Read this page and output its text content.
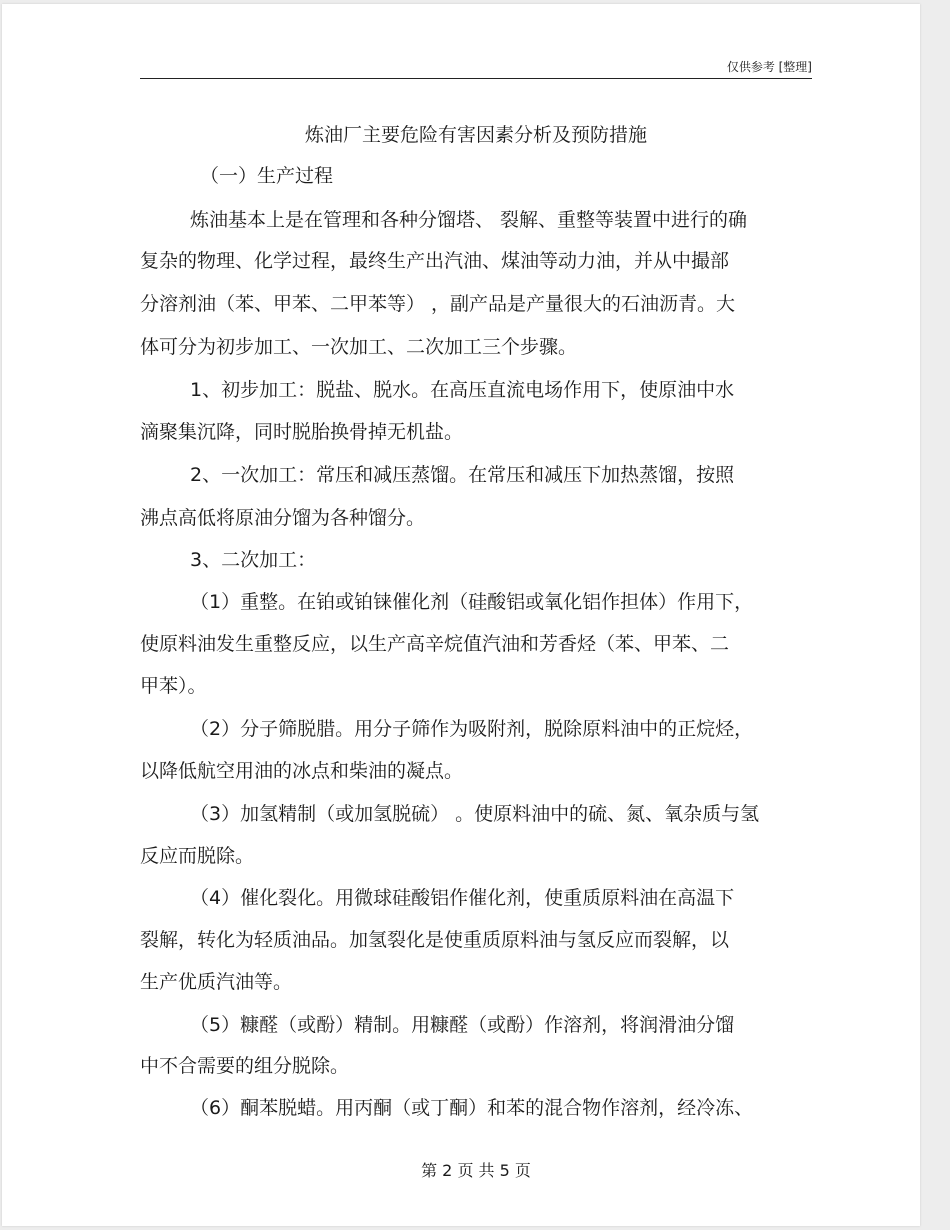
仅供参考 [整理]
炼油厂主要危险有害因素分析及预防措施
（一）生产过程
炼油基本上是在管理和各种分馏塔、 裂解、重整等装置中进行的确
复杂的物理、化学过程，最终生产出汽油、煤油等动力油，并从中撮部
分溶剂油（苯、甲苯、二甲苯等） ，副产品是产量很大的石油沥青。大
体可分为初步加工、一次加工、二次加工三个步骤。
1、初步加工：脱盐、脱水。在高压直流电场作用下，使原油中水
滴聚集沉降，同时脱胎换骨掉无机盐。
2、一次加工：常压和减压蒸馏。在常压和减压下加热蒸馏，按照
沸点高低将原油分馏为各种馏分。
3、二次加工：
（1）重整。在铂或铂铼催化剂（硅酸铝或氧化铝作担体）作用下，
使原料油发生重整反应，以生产高辛烷值汽油和芳香烃（苯、甲苯、二
甲苯）。
（2）分子筛脱腊。用分子筛作为吸附剂，脱除原料油中的正烷烃，
以降低航空用油的冰点和柴油的凝点。
（3）加氢精制（或加氢脱硫） 。使原料油中的硫、氮、氧杂质与氢
反应而脱除。
（4）催化裂化。用微球硅酸铝作催化剂，使重质原料油在高温下
裂解，转化为轻质油品。加氢裂化是使重质原料油与氢反应而裂解，以
生产优质汽油等。
（5）糠醛（或酚）精制。用糠醛（或酚）作溶剂，将润滑油分馏
中不合需要的组分脱除。
（6）酮苯脱蜡。用丙酮（或丁酮）和苯的混合物作溶剂，经冷冻、
第 2 页 共 5 页
